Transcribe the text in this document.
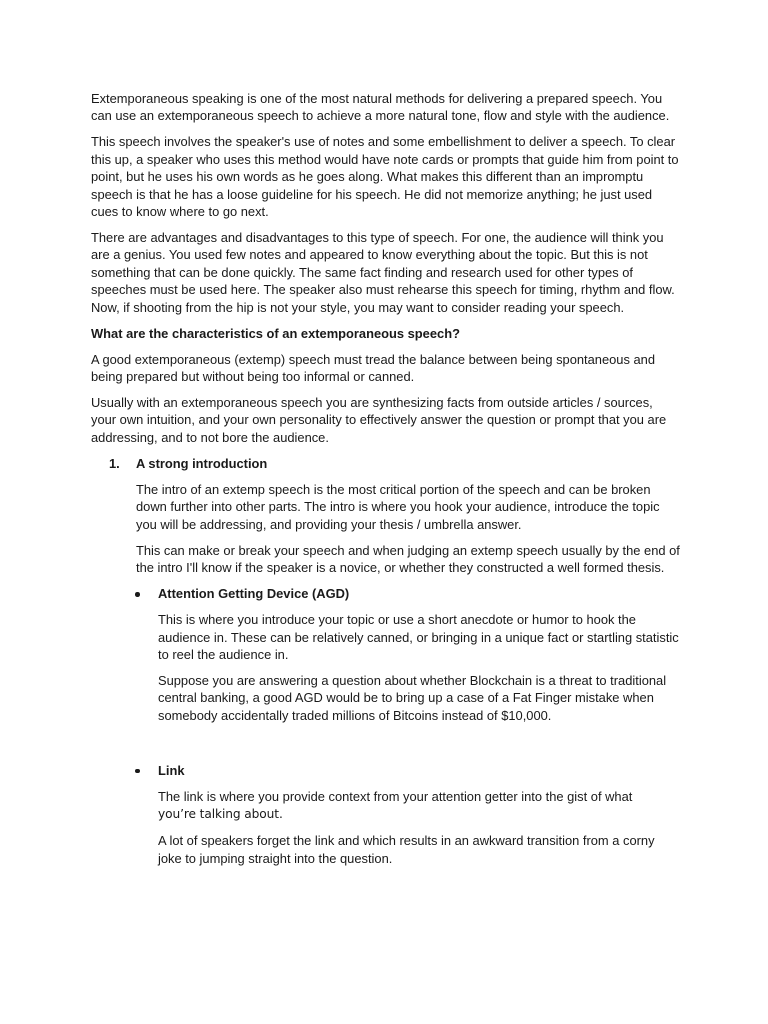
Extemporaneous speaking is one of the most natural methods for delivering a prepared speech. You can use an extemporaneous speech to achieve a more natural tone, flow and style with the audience.

This speech involves the speaker's use of notes and some embellishment to deliver a speech. To clear this up, a speaker who uses this method would have note cards or prompts that guide him from point to point, but he uses his own words as he goes along. What makes this different than an impromptu speech is that he has a loose guideline for his speech. He did not memorize anything; he just used cues to know where to go next.

There are advantages and disadvantages to this type of speech. For one, the audience will think you are a genius. You used few notes and appeared to know everything about the topic. But this is not something that can be done quickly. The same fact finding and research used for other types of speeches must be used here. The speaker also must rehearse this speech for timing, rhythm and flow. Now, if shooting from the hip is not your style, you may want to consider reading your speech.

What are the characteristics of an extemporaneous speech?

A good extemporaneous (extemp) speech must tread the balance between being spontaneous and being prepared but without being too informal or canned.

Usually with an extemporaneous speech you are synthesizing facts from outside articles / sources, your own intuition, and your own personality to effectively answer the question or prompt that you are addressing, and to not bore the audience.

1. A strong introduction

The intro of an extemp speech is the most critical portion of the speech and can be broken down further into other parts. The intro is where you hook your audience, introduce the topic you will be addressing, and providing your thesis / umbrella answer.

This can make or break your speech and when judging an extemp speech usually by the end of the intro I'll know if the speaker is a novice, or whether they constructed a well formed thesis.

Attention Getting Device (AGD)

This is where you introduce your topic or use a short anecdote or humor to hook the audience in. These can be relatively canned, or bringing in a unique fact or startling statistic to reel the audience in.

Suppose you are answering a question about whether Blockchain is a threat to traditional central banking, a good AGD would be to bring up a case of a Fat Finger mistake when somebody accidentally traded millions of Bitcoins instead of $10,000.

Link

The link is where you provide context from your attention getter into the gist of what
you’re talking about.

A lot of speakers forget the link and which results in an awkward transition from a corny joke to jumping straight into the question.
